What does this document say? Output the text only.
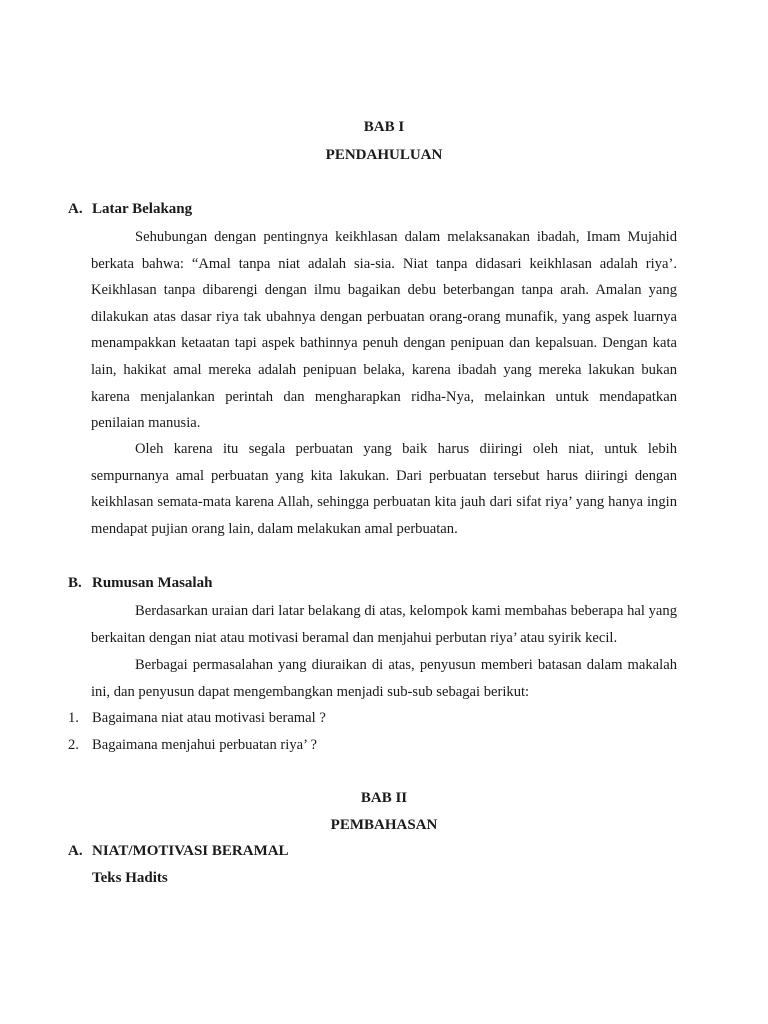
BAB I
PENDAHULUAN
A. Latar Belakang

Sehubungan dengan pentingnya keikhlasan dalam melaksanakan ibadah, Imam Mujahid berkata bahwa: “Amal tanpa niat adalah sia-sia. Niat tanpa didasari keikhlasan adalah riya’. Keikhlasan tanpa dibarengi dengan ilmu bagaikan debu beterbangan tanpa arah. Amalan yang dilakukan atas dasar riya tak ubahnya dengan perbuatan orang-orang munafik, yang aspek luarnya menampakkan ketaatan tapi aspek bathinnya penuh dengan penipuan dan kepalsuan. Dengan kata lain, hakikat amal mereka adalah penipuan belaka, karena ibadah yang mereka lakukan bukan karena menjalankan perintah dan mengharapkan ridha-Nya, melainkan untuk mendapatkan penilaian manusia.

Oleh karena itu segala perbuatan yang baik harus diiringi oleh niat, untuk lebih sempurnanya amal perbuatan yang kita lakukan. Dari perbuatan tersebut harus diiringi dengan keikhlasan semata-mata karena Allah, sehingga perbuatan kita jauh dari sifat riya’ yang hanya ingin mendapat pujian orang lain, dalam melakukan amal perbuatan.

B. Rumusan Masalah

Berdasarkan uraian dari latar belakang di atas, kelompok kami membahas beberapa hal yang berkaitan dengan niat atau motivasi beramal dan menjahui perbutan riya’ atau syirik kecil.

Berbagai permasalahan yang diuraikan di atas, penyusun memberi batasan dalam makalah ini, dan penyusun dapat mengembangkan menjadi sub-sub sebagai berikut:

1. Bagaimana niat atau motivasi beramal ?
2. Bagaimana menjahui perbuatan riya’ ?
BAB II
PEMBAHASAN
A. NIAT/MOTIVASI BERAMAL
Teks Hadits
